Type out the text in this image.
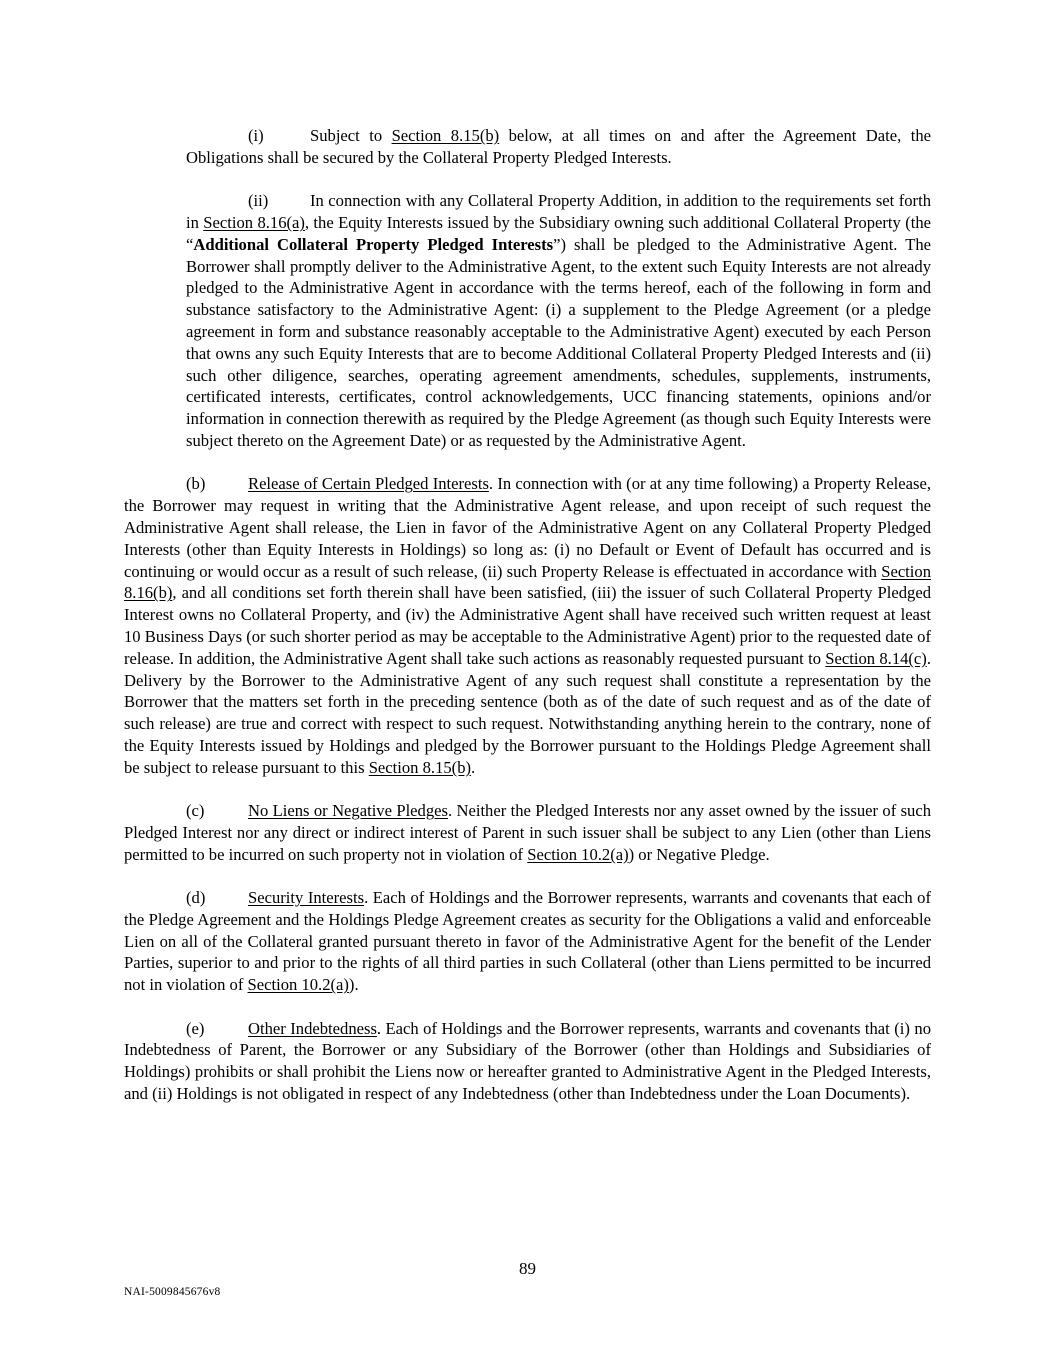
(i)	Subject to Section 8.15(b) below, at all times on and after the Agreement Date, the Obligations shall be secured by the Collateral Property Pledged Interests.

(ii)	In connection with any Collateral Property Addition, in addition to the requirements set forth in Section 8.16(a), the Equity Interests issued by the Subsidiary owning such additional Collateral Property (the “Additional Collateral Property Pledged Interests”) shall be pledged to the Administrative Agent. The Borrower shall promptly deliver to the Administrative Agent, to the extent such Equity Interests are not already pledged to the Administrative Agent in accordance with the terms hereof, each of the following in form and substance satisfactory to the Administrative Agent: (i) a supplement to the Pledge Agreement (or a pledge agreement in form and substance reasonably acceptable to the Administrative Agent) executed by each Person that owns any such Equity Interests that are to become Additional Collateral Property Pledged Interests and (ii) such other diligence, searches, operating agreement amendments, schedules, supplements, instruments, certificated interests, certificates, control acknowledgements, UCC financing statements, opinions and/or information in connection therewith as required by the Pledge Agreement (as though such Equity Interests were subject thereto on the Agreement Date) or as requested by the Administrative Agent.

(b)	Release of Certain Pledged Interests. In connection with (or at any time following) a Property Release, the Borrower may request in writing that the Administrative Agent release, and upon receipt of such request the Administrative Agent shall release, the Lien in favor of the Administrative Agent on any Collateral Property Pledged Interests (other than Equity Interests in Holdings) so long as: (i) no Default or Event of Default has occurred and is continuing or would occur as a result of such release, (ii) such Property Release is effectuated in accordance with Section 8.16(b), and all conditions set forth therein shall have been satisfied, (iii) the issuer of such Collateral Property Pledged Interest owns no Collateral Property, and (iv) the Administrative Agent shall have received such written request at least 10 Business Days (or such shorter period as may be acceptable to the Administrative Agent) prior to the requested date of release. In addition, the Administrative Agent shall take such actions as reasonably requested pursuant to Section 8.14(c). Delivery by the Borrower to the Administrative Agent of any such request shall constitute a representation by the Borrower that the matters set forth in the preceding sentence (both as of the date of such request and as of the date of such release) are true and correct with respect to such request. Notwithstanding anything herein to the contrary, none of the Equity Interests issued by Holdings and pledged by the Borrower pursuant to the Holdings Pledge Agreement shall be subject to release pursuant to this Section 8.15(b).

(c)	No Liens or Negative Pledges. Neither the Pledged Interests nor any asset owned by the issuer of such Pledged Interest nor any direct or indirect interest of Parent in such issuer shall be subject to any Lien (other than Liens permitted to be incurred on such property not in violation of Section 10.2(a)) or Negative Pledge.

(d)	Security Interests. Each of Holdings and the Borrower represents, warrants and covenants that each of the Pledge Agreement and the Holdings Pledge Agreement creates as security for the Obligations a valid and enforceable Lien on all of the Collateral granted pursuant thereto in favor of the Administrative Agent for the benefit of the Lender Parties, superior to and prior to the rights of all third parties in such Collateral (other than Liens permitted to be incurred not in violation of Section 10.2(a)).

(e)	Other Indebtedness. Each of Holdings and the Borrower represents, warrants and covenants that (i) no Indebtedness of Parent, the Borrower or any Subsidiary of the Borrower (other than Holdings and Subsidiaries of Holdings) prohibits or shall prohibit the Liens now or hereafter granted to Administrative Agent in the Pledged Interests, and (ii) Holdings is not obligated in respect of any Indebtedness (other than Indebtedness under the Loan Documents).

89
NAI-5009845676v8
